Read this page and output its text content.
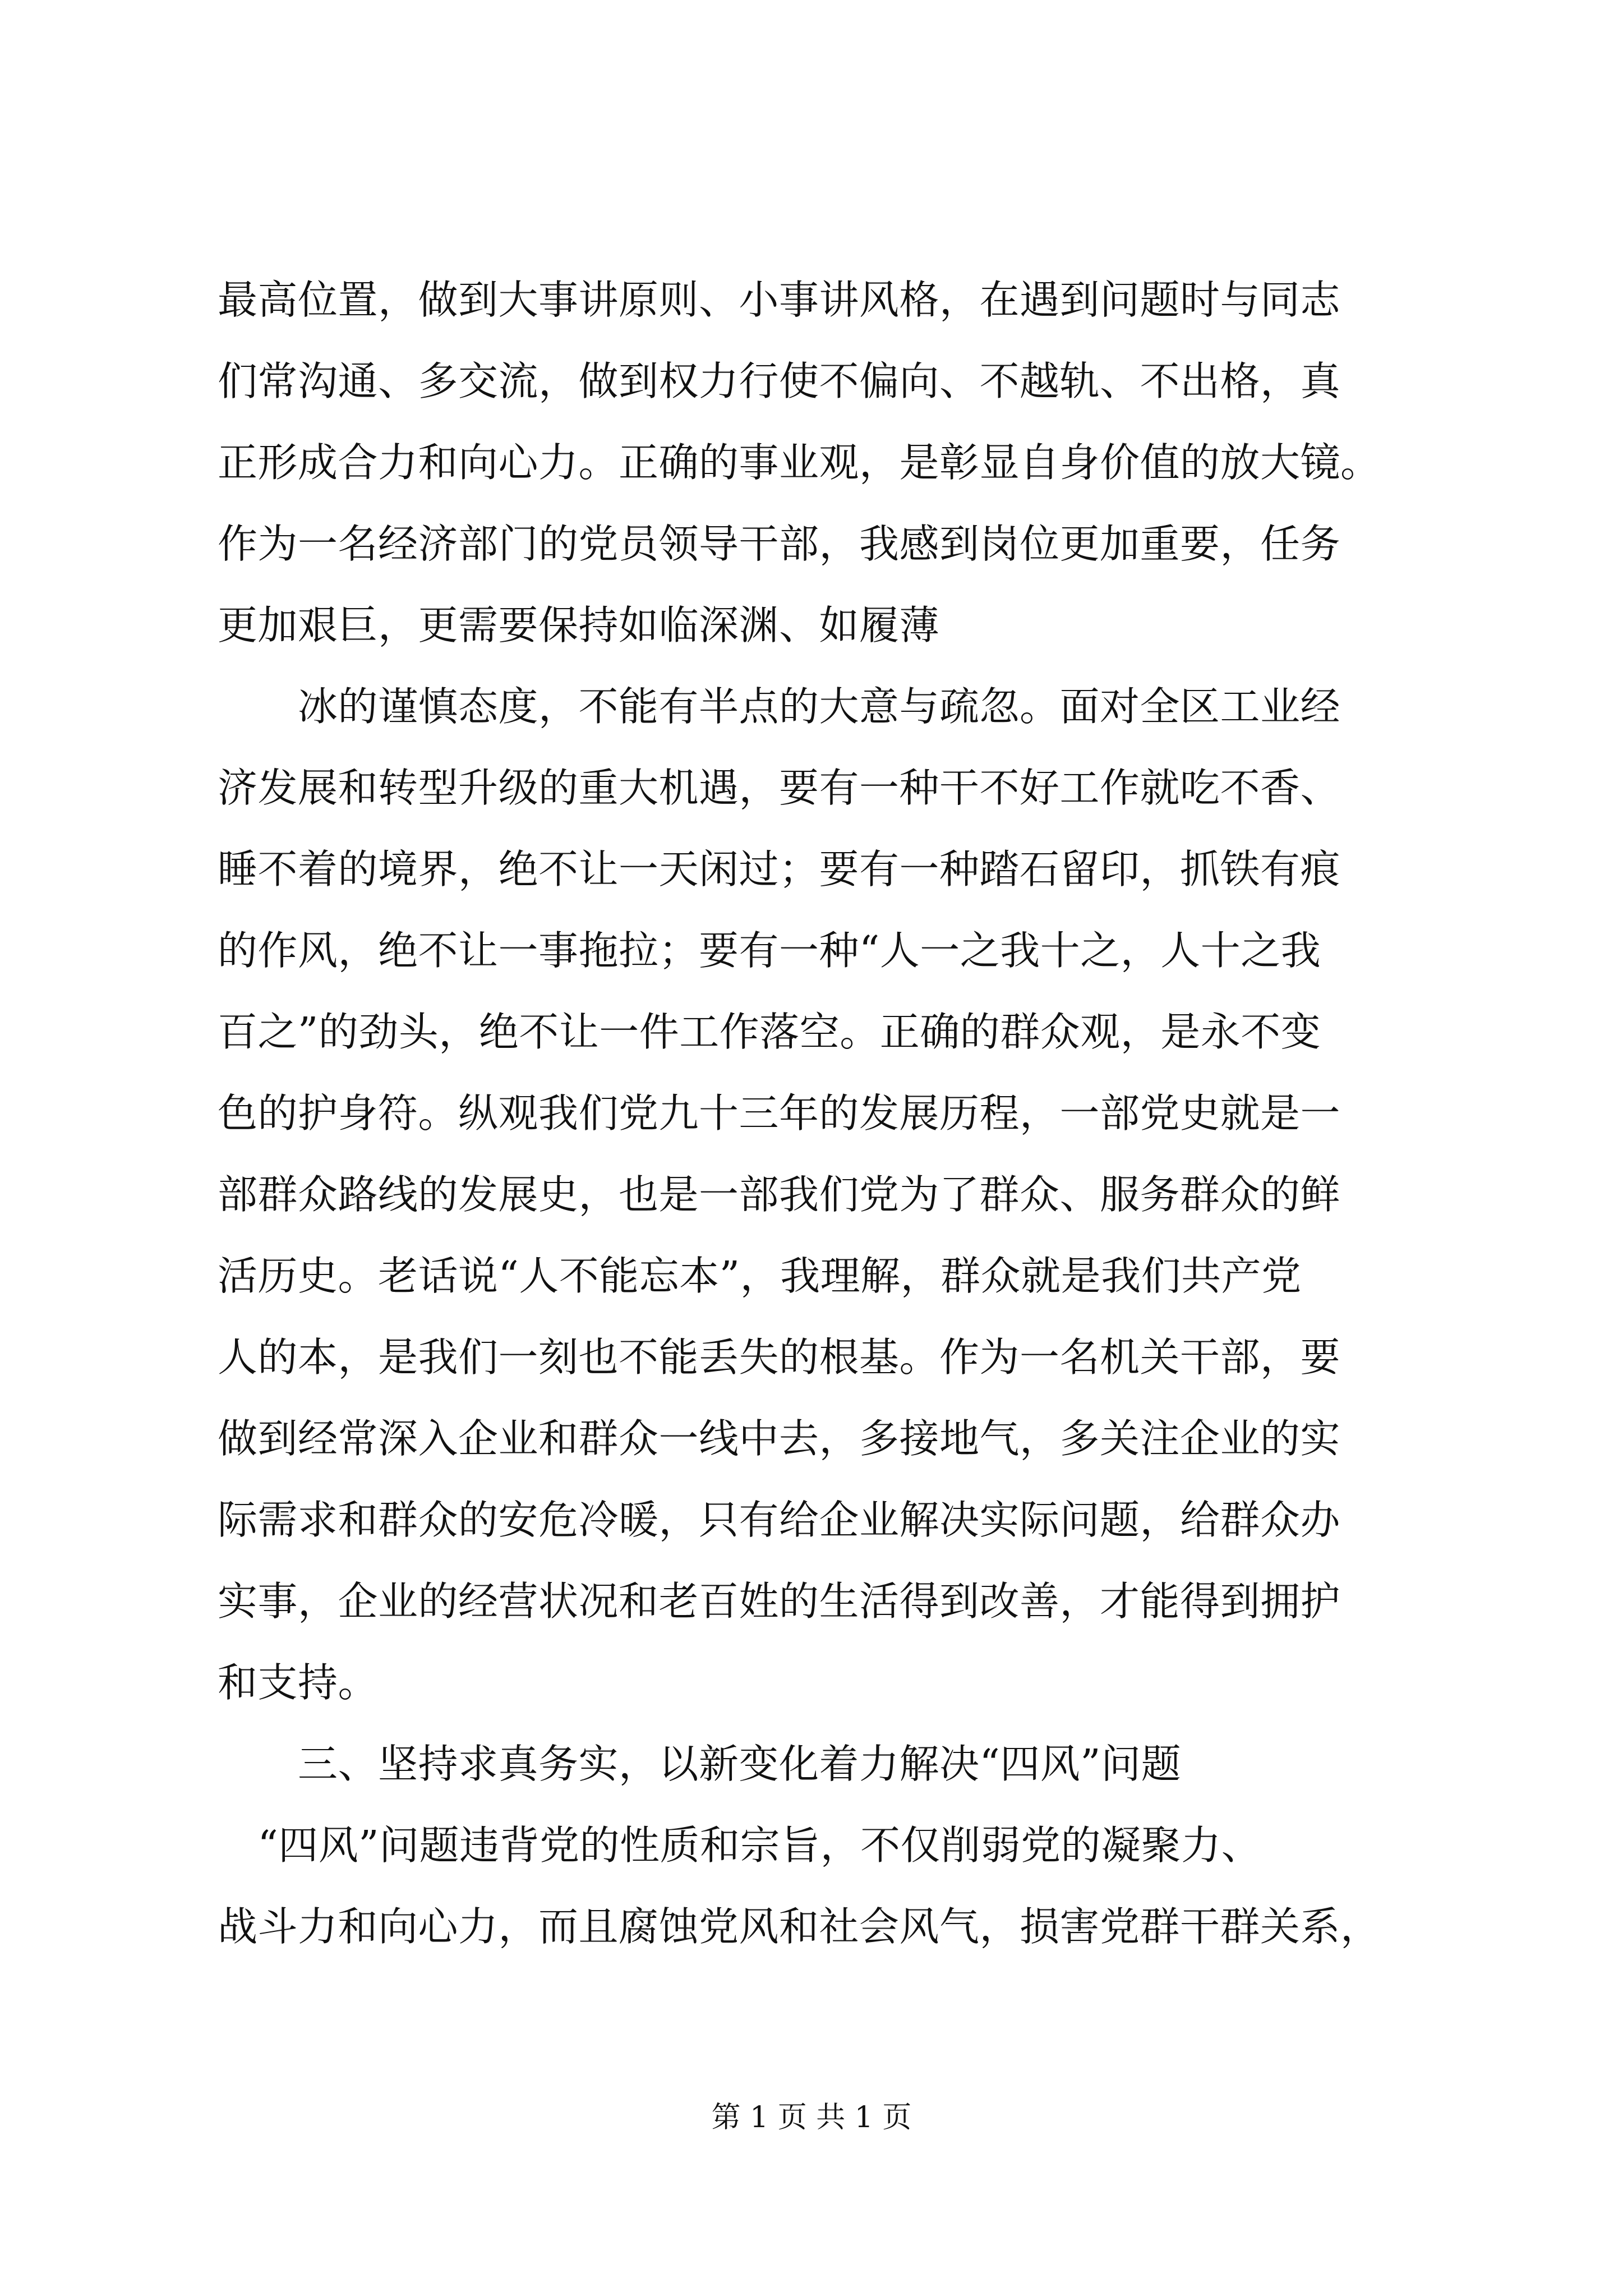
最高位置，做到大事讲原则、小事讲风格，在遇到问题时与同志
们常沟通、多交流，做到权力行使不偏向、不越轨、不出格，真
正形成合力和向心力。正确的事业观，是彰显自身价值的放大镜。
作为一名经济部门的党员领导干部，我感到岗位更加重要，任务
更加艰巨，更需要保持如临深渊、如履薄
　　冰的谨慎态度，不能有半点的大意与疏忽。面对全区工业经
济发展和转型升级的重大机遇，要有一种干不好工作就吃不香、
睡不着的境界，绝不让一天闲过；要有一种踏石留印，抓铁有痕
的作风，绝不让一事拖拉；要有一种“人一之我十之，人十之我
百之”的劲头，绝不让一件工作落空。正确的群众观，是永不变
色的护身符。纵观我们党九十三年的发展历程，一部党史就是一
部群众路线的发展史，也是一部我们党为了群众、服务群众的鲜
活历史。老话说“人不能忘本”，我理解，群众就是我们共产党
人的本，是我们一刻也不能丢失的根基。作为一名机关干部，要
做到经常深入企业和群众一线中去，多接地气，多关注企业的实
际需求和群众的安危冷暖，只有给企业解决实际问题，给群众办
实事，企业的经营状况和老百姓的生活得到改善，才能得到拥护
和支持。
　　三、坚持求真务实，以新变化着力解决“四风”问题
　“四风”问题违背党的性质和宗旨，不仅削弱党的凝聚力、
战斗力和向心力，而且腐蚀党风和社会风气，损害党群干群关系，
第 1 页 共 1 页
